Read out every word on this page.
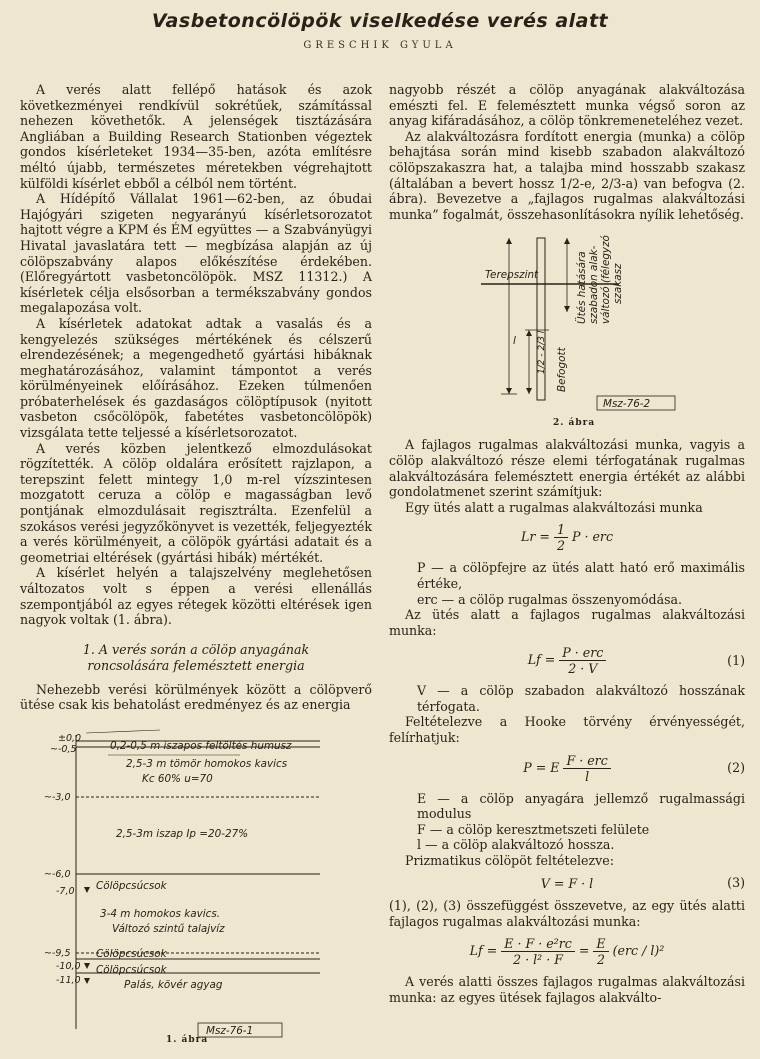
Vasbetoncölöpök viselkedése verés alatt
GRESCHIK GYULA

A verés alatt fellépő hatások és azok következményei rendkívül sokrétűek, számítással nehezen követhetők. A jelenségek tisztázására Angliában a Building Research Stationben végeztek gondos kísérleteket 1934—35-ben, azóta említésre méltó újabb, természetes méretekben végrehajtott külföldi kísérlet ebből a célból nem történt.

A Hídépítő Vállalat 1961—62-ben, az óbudai Hajógyári szigeten negyarányú kísérletsorozatot hajtott végre a KPM és ÉM együttes — a Szabványügyi Hivatal javaslatára tett — megbízása alapján az új cölöpszabvány alapos előkészítése érdekében. (Előregyártott vasbetoncölöpök. MSZ 11312.) A kísérletek célja elsősorban a termékszabvány gondos megalapozása volt.

A kísérletek adatokat adtak a vasalás és a kengyelezés szükséges mértékének és célszerű elrendezésének; a megengedhető gyártási hibáknak meghatározásához, valamint támpontot a verés körülményeinek előírásához. Ezeken túlmenően próbaterhelések és gazdaságos cölöptípusok (nyitott vasbeton csőcölöpök, fabetétes vasbetoncölöpök) vizsgálata tette teljessé a kísérletsorozatot.

A verés közben jelentkező elmozdulásokat rögzítették. A cölöp oldalára erősített rajzlapon, a terepszint felett mintegy 1,0 m-rel vízszintesen mozgatott ceruza a cölöp e magasságban levő pontjának elmozdulásait regisztrálta. Ezenfelül a szokásos verési jegyzőkönyvet is vezették, feljegyezték a verés körülményeit, a cölöpök gyártási adatait és a geometriai eltérések (gyártási hibák) mértékét.

A kísérlet helyén a talajszelvény meglehetősen változatos volt s éppen a verési ellenállás szempontjából az egyes rétegek közötti eltérések igen nagyok voltak (1. ábra).

1. A verés során a cölöp anyagának
roncsolására felemésztett energia

Nehezebb verési körülmények között a cölöpverő ütése csak kis behatolást eredményez és az energia

±0,0
~-0,5	0,2-0,5 m iszapos feltöltés humusz
2,5-3 m tömör homokos kavics
Kc 60% u=70
~-3,0
2,5-3m iszap Ip =20-27%
~-6,0
-7,0 Cölöpcsúcsok
3-4 m homokos kavics.
Változó szintű talajvíz
~-9,5
-10,0
Cölöpcsúcsok
Cölöpcsúcsok
-11,0	Palás, kövér agyag
Msz-76-1
1. ábra

nagyobb részét a cölöp anyagának alakváltozása emészti fel. E felemésztett munka végső soron az anyag kifáradásához, a cölöp tönkremeneteléhez vezet.

Az alakváltozásra fordított energia (munka) a cölöp behajtása során mind kisebb szabadon alakváltozó cölöpszakaszra hat, a talajba mind hosszabb szakasz (általában a bevert hossz 1/2-e, 2/3-a) van befogva (2. ábra). Bevezetve a „fajlagos rugalmas alakváltozási munka” fogalmát, összehasonlításokra nyílik lehetőség.

Terepszint
l
Befogott
1/2 - 2/3 l
Ütés hatására szabadon alak- változó (félegyzó szakasz
Msz-76-2
2. ábra

A fajlagos rugalmas alakváltozási munka, vagyis a cölöp alakváltozó része elemi térfogatának rugalmas alakváltozására felemésztett energia értékét az alábbi gondolatmenet szerint számítjuk:

Egy ütés alatt a rugalmas alakváltozási munka

$Lr = \frac{1}{2}$ P · erc

P — a cölöpfejre az ütés alatt ható erő maximális értéke,

erc — a cölöp rugalmas összenyomódása.

Az ütés alatt a fajlagos rugalmas alakváltozási munka:

$Lf = \frac{\text{P · erc}}{2 \cdot V}$	(1)

V — a cölöp szabadon alakváltozó hosszának térfogata.

Feltételezve a Hooke törvény érvényességét, felírhatjuk:

P = E $\frac{\text{F · erc}}{l}$	(2)

E — a cölöp anyagára jellemző rugalmassági modulus

F — a cölöp keresztmetszeti felülete

l — a cölöp alakváltozó hossza.

Prizmatikus cölöpöt feltételezve:

V = F · l	(3)

(1), (2), (3) összefüggést összevetve, az egy ütés alatti fajlagos rugalmas alakváltozási munka:

$Lf = \frac{\text{E · F · e²rc}}{\text{2 · l² · F}} = \frac{E}{2} (erc / l)^2$

A verés alatti összes fajlagos rugalmas alakváltozási munka: az egyes ütések fajlagos alakválto-
